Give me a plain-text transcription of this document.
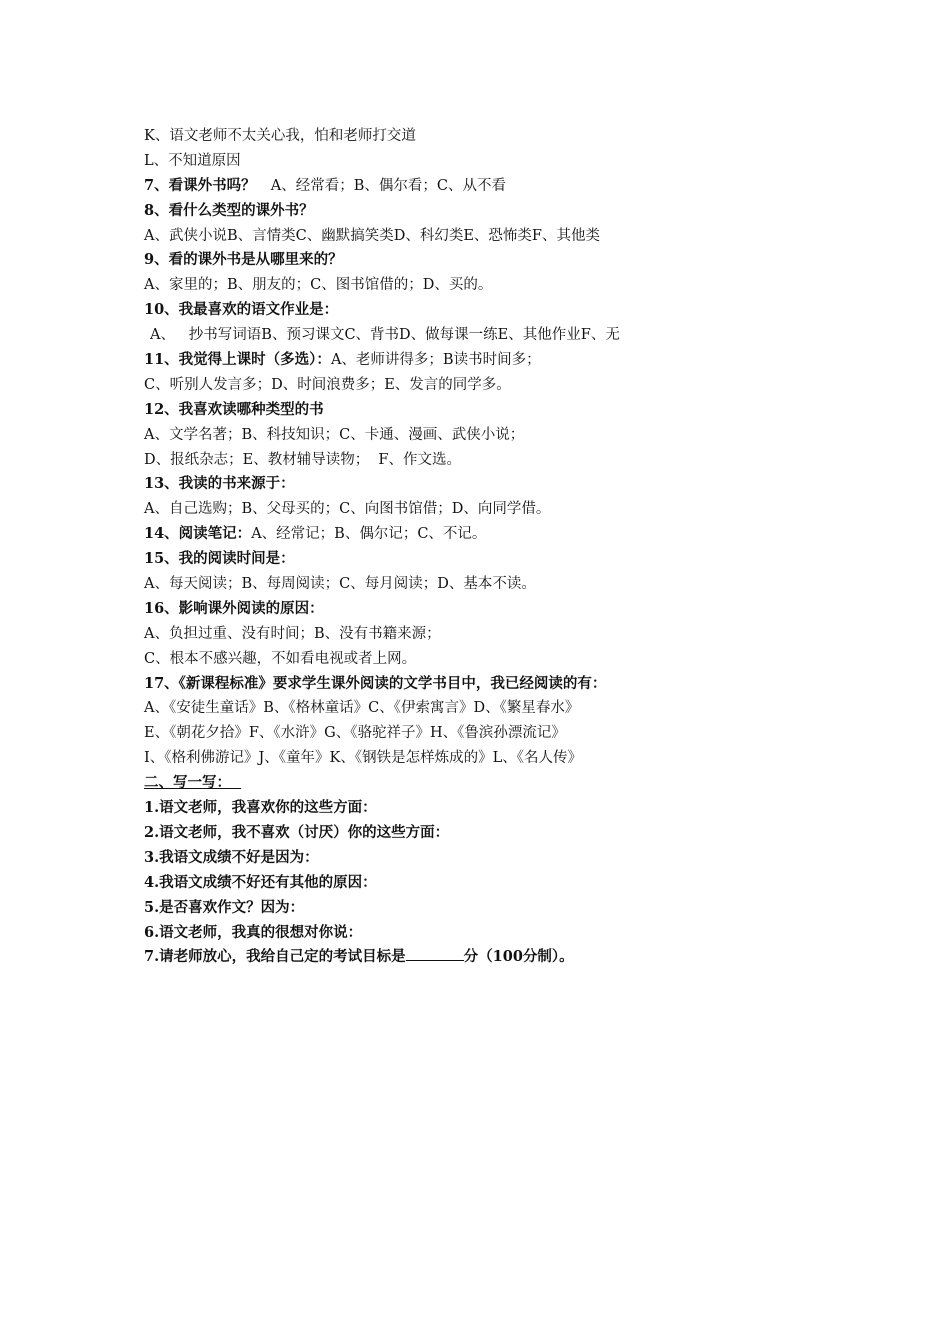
K、语文老师不太关心我，怕和老师打交道
L、不知道原因
7、看课外书吗？ A、经常看；B、偶尔看；C、从不看
8、看什么类型的课外书？
A、武侠小说B、言情类C、幽默搞笑类D、科幻类E、恐怖类F、其他类
9、看的课外书是从哪里来的？
A、家里的；B、朋友的；C、图书馆借的；D、买的。
10、我最喜欢的语文作业是：
A、   抄书写词语B、预习课文C、背书D、做每课一练E、其他作业F、无
11、我觉得上课时（多选）：A、老师讲得多；B读书时间多；
C、听别人发言多；D、时间浪费多；E、发言的同学多。
12、我喜欢读哪种类型的书
A、文学名著；B、科技知识；C、卡通、漫画、武侠小说；
D、报纸杂志；E、教材辅导读物；  F、作文选。
13、我读的书来源于：
A、自己选购；B、父母买的；C、向图书馆借；D、向同学借。
14、阅读笔记：A、经常记；B、偶尔记；C、不记。
15、我的阅读时间是：
A、每天阅读；B、每周阅读；C、每月阅读；D、基本不读。
16、影响课外阅读的原因：
A、负担过重、没有时间；B、没有书籍来源；
C、根本不感兴趣，不如看电视或者上网。
17、《新课程标准》要求学生课外阅读的文学书目中，我已经阅读的有：
A、《安徒生童话》B、《格林童话》C、《伊索寓言》D、《繁星春水》
E、《朝花夕拾》F、《水浒》G、《骆驼祥子》H、《鲁滨孙漂流记》
I、《格利佛游记》J、《童年》K、《钢铁是怎样炼成的》L、《名人传》
二、写一写：
1.语文老师，我喜欢你的这些方面：
2.语文老师，我不喜欢（讨厌）你的这些方面：
3.我语文成绩不好是因为：
4.我语文成绩不好还有其他的原因：
5.是否喜欢作文？因为：
6.语文老师，我真的很想对你说：
7.请老师放心，我给自己定的考试目标是	分（100分制）。
